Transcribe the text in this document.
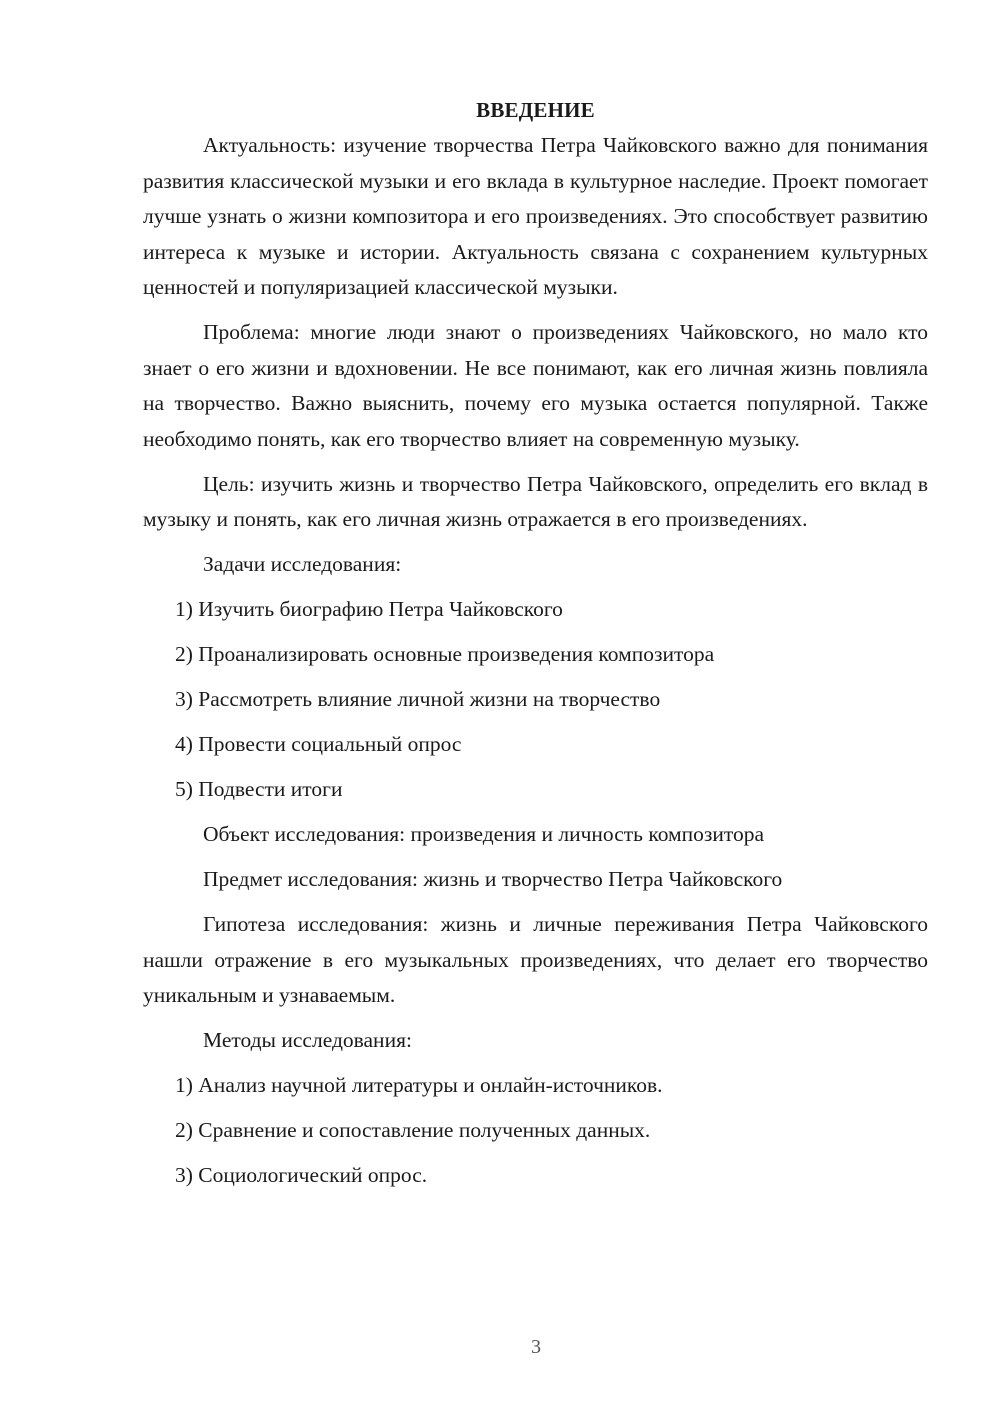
ВВЕДЕНИЕ

Актуальность: изучение творчества Петра Чайковского важно для понимания развития классической музыки и его вклада в культурное наследие. Проект помогает лучше узнать о жизни композитора и его произведениях. Это способствует развитию интереса к музыке и истории. Актуальность связана с сохранением культурных ценностей и популяризацией классической музыки.

Проблема: многие люди знают о произведениях Чайковского, но мало кто знает о его жизни и вдохновении. Не все понимают, как его личная жизнь повлияла на творчество. Важно выяснить, почему его музыка остается популярной. Также необходимо понять, как его творчество влияет на современную музыку.

Цель: изучить жизнь и творчество Петра Чайковского, определить его вклад в музыку и понять, как его личная жизнь отражается в его произведениях.

Задачи исследования:
1) Изучить биографию Петра Чайковского
2) Проанализировать основные произведения композитора
3) Рассмотреть влияние личной жизни на творчество
4) Провести социальный опрос
5) Подвести итоги
Объект исследования: произведения и личность композитора
Предмет исследования: жизнь и творчество Петра Чайковского

Гипотеза исследования: жизнь и личные переживания Петра Чайковского нашли отражение в его музыкальных произведениях, что делает его творчество уникальным и узнаваемым.

Методы исследования:
1) Анализ научной литературы и онлайн-источников.
2) Сравнение и сопоставление полученных данных.
3) Социологический опрос.
3
